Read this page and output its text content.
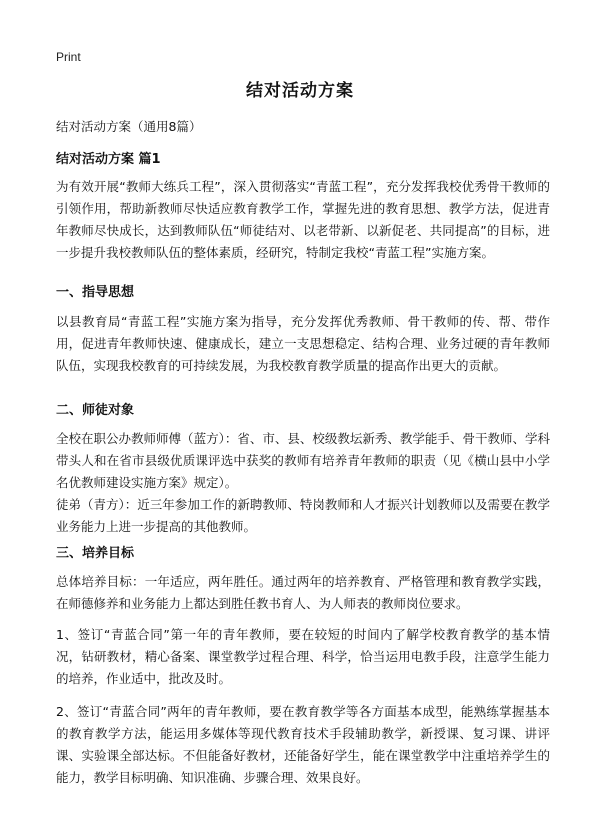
Print
结对活动方案
结对活动方案（通用8篇）
结对活动方案 篇1
为有效开展“教师大练兵工程”，深入贯彻落实“青蓝工程”，充分发挥我校优秀骨干教师的引领作用，帮助新教师尽快适应教育教学工作，掌握先进的教育思想、教学方法，促进青年教师尽快成长，达到教师队伍“师徒结对、以老带新、以新促老、共同提高”的目标，进一步提升我校教师队伍的整体素质，经研究，特制定我校“青蓝工程”实施方案。
一、指导思想
以县教育局“青蓝工程”实施方案为指导，充分发挥优秀教师、骨干教师的传、帮、带作用，促进青年教师快速、健康成长，建立一支思想稳定、结构合理、业务过硬的青年教师队伍，实现我校教育的可持续发展，为我校教育教学质量的提高作出更大的贡献。
二、师徒对象
全校在职公办教师师傅（蓝方）：省、市、县、校级教坛新秀、教学能手、骨干教师、学科带头人和在省市县级优质课评选中获奖的教师有培养青年教师的职责（见《横山县中小学名优教师建设实施方案》规定）。
徒弟（青方）：近三年参加工作的新聘教师、特岗教师和人才振兴计划教师以及需要在教学业务能力上进一步提高的其他教师。
三、培养目标
总体培养目标：一年适应，两年胜任。通过两年的培养教育、严格管理和教育教学实践，在师德修养和业务能力上都达到胜任教书育人、为人师表的教师岗位要求。
1、签订“青蓝合同”第一年的青年教师，要在较短的时间内了解学校教育教学的基本情况，钻研教材，精心备案、课堂教学过程合理、科学，恰当运用电教手段，注意学生能力的培养，作业适中，批改及时。
2、签订“青蓝合同”两年的青年教师，要在教育教学等各方面基本成型，能熟练掌握基本的教育教学方法，能运用多媒体等现代教育技术手段辅助教学，新授课、复习课、讲评课、实验课全部达标。不但能备好教材，还能备好学生，能在课堂教学中注重培养学生的能力，教学目标明确、知识准确、步骤合理、效果良好。
